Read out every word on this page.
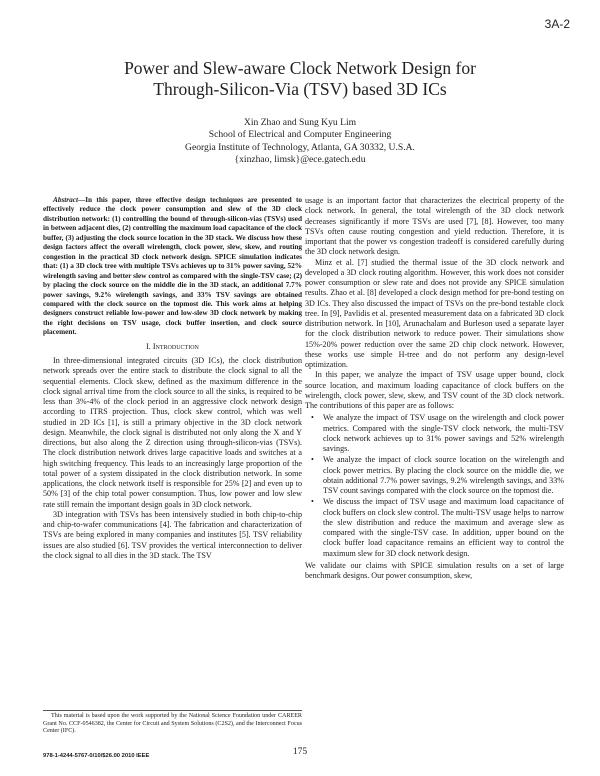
3A-2
Power and Slew-aware Clock Network Design for
Through-Silicon-Via (TSV) based 3D ICs
Xin Zhao and Sung Kyu Lim
School of Electrical and Computer Engineering
Georgia Institute of Technology, Atlanta, GA 30332, U.S.A.
{xinzhao, limsk}@ece.gatech.edu

Abstract—In this paper, three effective design techniques are presented to effectively reduce the clock power consumption and slew of the 3D clock distribution network: (1) controlling the bound of through-silicon-vias (TSVs) used in between adjacent dies, (2) controlling the maximum load capacitance of the clock buffer, (3) adjusting the clock source location in the 3D stack. We discuss how these design factors affect the overall wirelength, clock power, slew, skew, and routing congestion in the practical 3D clock network design. SPICE simulation indicates that: (1) a 3D clock tree with multiple TSVs achieves up to 31% power saving, 52% wirelength saving and better slew control as compared with the single-TSV case; (2) by placing the clock source on the middle die in the 3D stack, an additional 7.7% power savings, 9.2% wirelength savings, and 33% TSV savings are obtained compared with the clock source on the topmost die. This work aims at helping designers construct reliable low-power and low-slew 3D clock network by making the right decisions on TSV usage, clock buffer insertion, and clock source placement.

I. Introduction

In three-dimensional integrated circuits (3D ICs), the clock distribution network spreads over the entire stack to distribute the clock signal to all the sequential elements. Clock skew, defined as the maximum difference in the clock signal arrival time from the clock source to all the sinks, is required to be less than 3%-4% of the clock period in an aggressive clock network design according to ITRS projection. Thus, clock skew control, which was well studied in 2D ICs [1], is still a primary objective in the 3D clock network design. Meanwhile, the clock signal is distributed not only along the X and Y directions, but also along the Z direction using through-silicon-vias (TSVs). The clock distribution network drives large capacitive loads and switches at a high switching frequency. This leads to an increasingly large proportion of the total power of a system dissipated in the clock distribution network. In some applications, the clock network itself is responsible for 25% [2] and even up to 50% [3] of the chip total power consumption. Thus, low power and low slew rate still remain the important design goals in 3D clock network.

3D integration with TSVs has been intensively studied in both chip-to-chip and chip-to-wafer communications [4]. The fabrication and characterization of TSVs are being explored in many companies and institutes [5]. TSV reliability issues are also studied [6]. TSV provides the vertical interconnection to deliver the clock signal to all dies in the 3D stack. The TSV

usage is an important factor that characterizes the electrical property of the clock network. In general, the total wirelength of the 3D clock network decreases significantly if more TSVs are used [7], [8]. However, too many TSVs often cause routing congestion and yield reduction. Therefore, it is important that the power vs congestion tradeoff is considered carefully during the 3D clock network design.

Minz et al. [7] studied the thermal issue of the 3D clock network and developed a 3D clock routing algorithm. However, this work does not consider power consumption or slew rate and does not provide any SPICE simulation results. Zhao et al. [8] developed a clock design method for pre-bond testing on 3D ICs. They also discussed the impact of TSVs on the pre-bond testable clock tree. In [9], Pavlidis et al. presented measurement data on a fabricated 3D clock distribution network. In [10], Arunachalam and Burleson used a separate layer for the clock distribution network to reduce power. Their simulations show 15%-20% power reduction over the same 2D chip clock network. However, these works use simple H-tree and do not perform any design-level optimization.

In this paper, we analyze the impact of TSV usage upper bound, clock source location, and maximum loading capacitance of clock buffers on the wirelength, clock power, slew, skew, and TSV count of the 3D clock network. The contributions of this paper are as follows:

• We analyze the impact of TSV usage on the wirelength and clock power metrics. Compared with the single-TSV clock network, the multi-TSV clock network achieves up to 31% power savings and 52% wirelength savings.
• We analyze the impact of clock source location on the wirelength and clock power metrics. By placing the clock source on the middle die, we obtain additional 7.7% power savings, 9.2% wirelength savings, and 33% TSV count savings compared with the clock source on the topmost die.
• We discuss the impact of TSV usage and maximum load capacitance of clock buffers on clock slew control. The multi-TSV usage helps to narrow the slew distribution and reduce the maximum and average slew as compared with the single-TSV case. In addition, upper bound on the clock buffer load capacitance remains an efficient way to control the maximum slew for 3D clock network design.

We validate our claims with SPICE simulation results on a set of large benchmark designs. Our power consumption, skew,

This material is based upon the work supported by the National Science Foundation under CAREER Grant No. CCF-0546382, the Center for Circuit and System Solutions (C2S2), and the Interconnect Focus Center (IFC).
978-1-4244-5767-0/10/$26.00 2010 IEEE	175
